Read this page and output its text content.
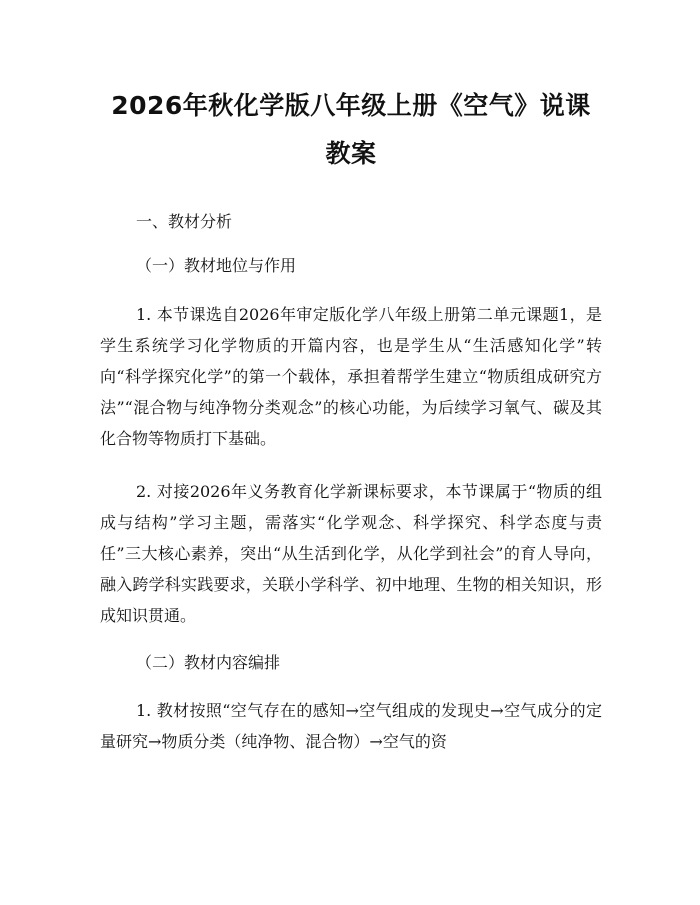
2026年秋化学版八年级上册《空气》说课教案

一、教材分析

（一）教材地位与作用

1. 本节课选自2026年审定版化学八年级上册第二单元课题1，是学生系统学习化学物质的开篇内容，也是学生从“生活感知化学”转向“科学探究化学”的第一个载体，承担着帮学生建立“物质组成研究方法”“混合物与纯净物分类观念”的核心功能，为后续学习氧气、碳及其化合物等物质打下基础。

2. 对接2026年义务教育化学新课标要求，本节课属于“物质的组成与结构”学习主题，需落实“化学观念、科学探究、科学态度与责任”三大核心素养，突出“从生活到化学，从化学到社会”的育人导向，融入跨学科实践要求，关联小学科学、初中地理、生物的相关知识，形成知识贯通。

（二）教材内容编排

1. 教材按照“空气存在的感知→空气组成的发现史→空气成分的定量研究→物质分类（纯净物、混合物）→空气的资
